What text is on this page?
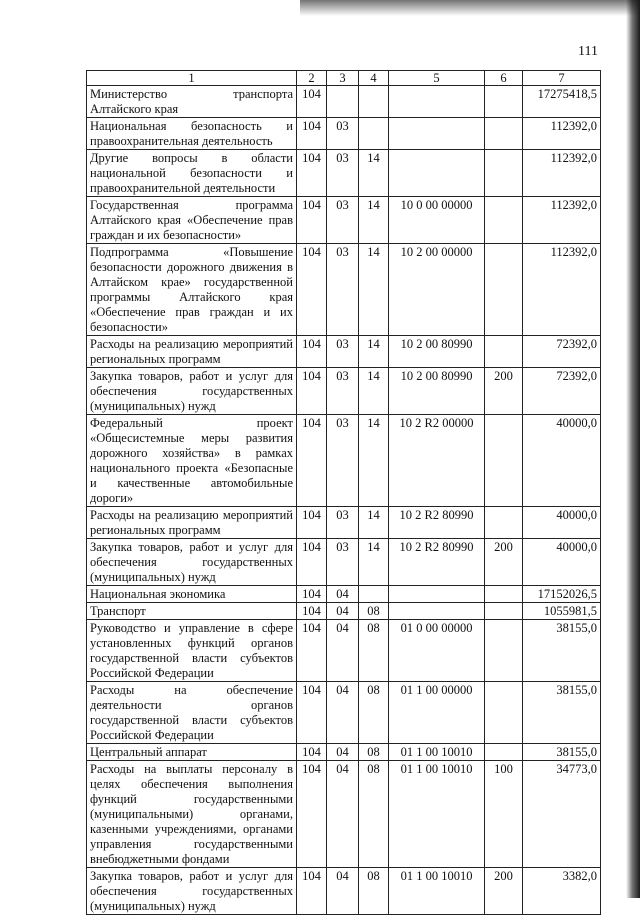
111
1	2	3	4	5	6	7
Министерство транспорта Алтайского края	104					17275418,5
Национальная безопасность и правоохранительная деятельность	104	03				112392,0
Другие вопросы в области национальной безопасности и правоохранительной деятельности	104	03	14			112392,0
Государственная программа Алтайского края «Обеспечение прав граждан и их безопасности»	104	03	14	10 0 00 00000		112392,0
Подпрограмма «Повышение безопасности дорожного движения в Алтайском крае» государственной программы Алтайского края «Обеспечение прав граждан и их безопасности»	104	03	14	10 2 00 00000		112392,0
Расходы на реализацию мероприятий региональных программ	104	03	14	10 2 00 80990		72392,0
Закупка товаров, работ и услуг для обеспечения государственных (муниципальных) нужд	104	03	14	10 2 00 80990	200	72392,0
Федеральный проект «Общесистемные меры развития дорожного хозяйства» в рамках национального проекта «Безопасные и качественные автомобильные дороги»	104	03	14	10 2 R2 00000		40000,0
Расходы на реализацию мероприятий региональных программ	104	03	14	10 2 R2 80990		40000,0
Закупка товаров, работ и услуг для обеспечения государственных (муниципальных) нужд	104	03	14	10 2 R2 80990	200	40000,0
Национальная экономика	104	04				17152026,5
Транспорт	104	04	08			1055981,5
Руководство и управление в сфере установленных функций органов государственной власти субъектов Российской Федерации	104	04	08	01 0 00 00000		38155,0
Расходы на обеспечение деятельности органов государственной власти субъектов Российской Федерации	104	04	08	01 1 00 00000		38155,0
Центральный аппарат	104	04	08	01 1 00 10010		38155,0
Расходы на выплаты персоналу в целях обеспечения выполнения функций государственными (муниципальными) органами, казенными учреждениями, органами управления государственными внебюджетными фондами	104	04	08	01 1 00 10010	100	34773,0
Закупка товаров, работ и услуг для обеспечения государственных (муниципальных) нужд	104	04	08	01 1 00 10010	200	3382,0
